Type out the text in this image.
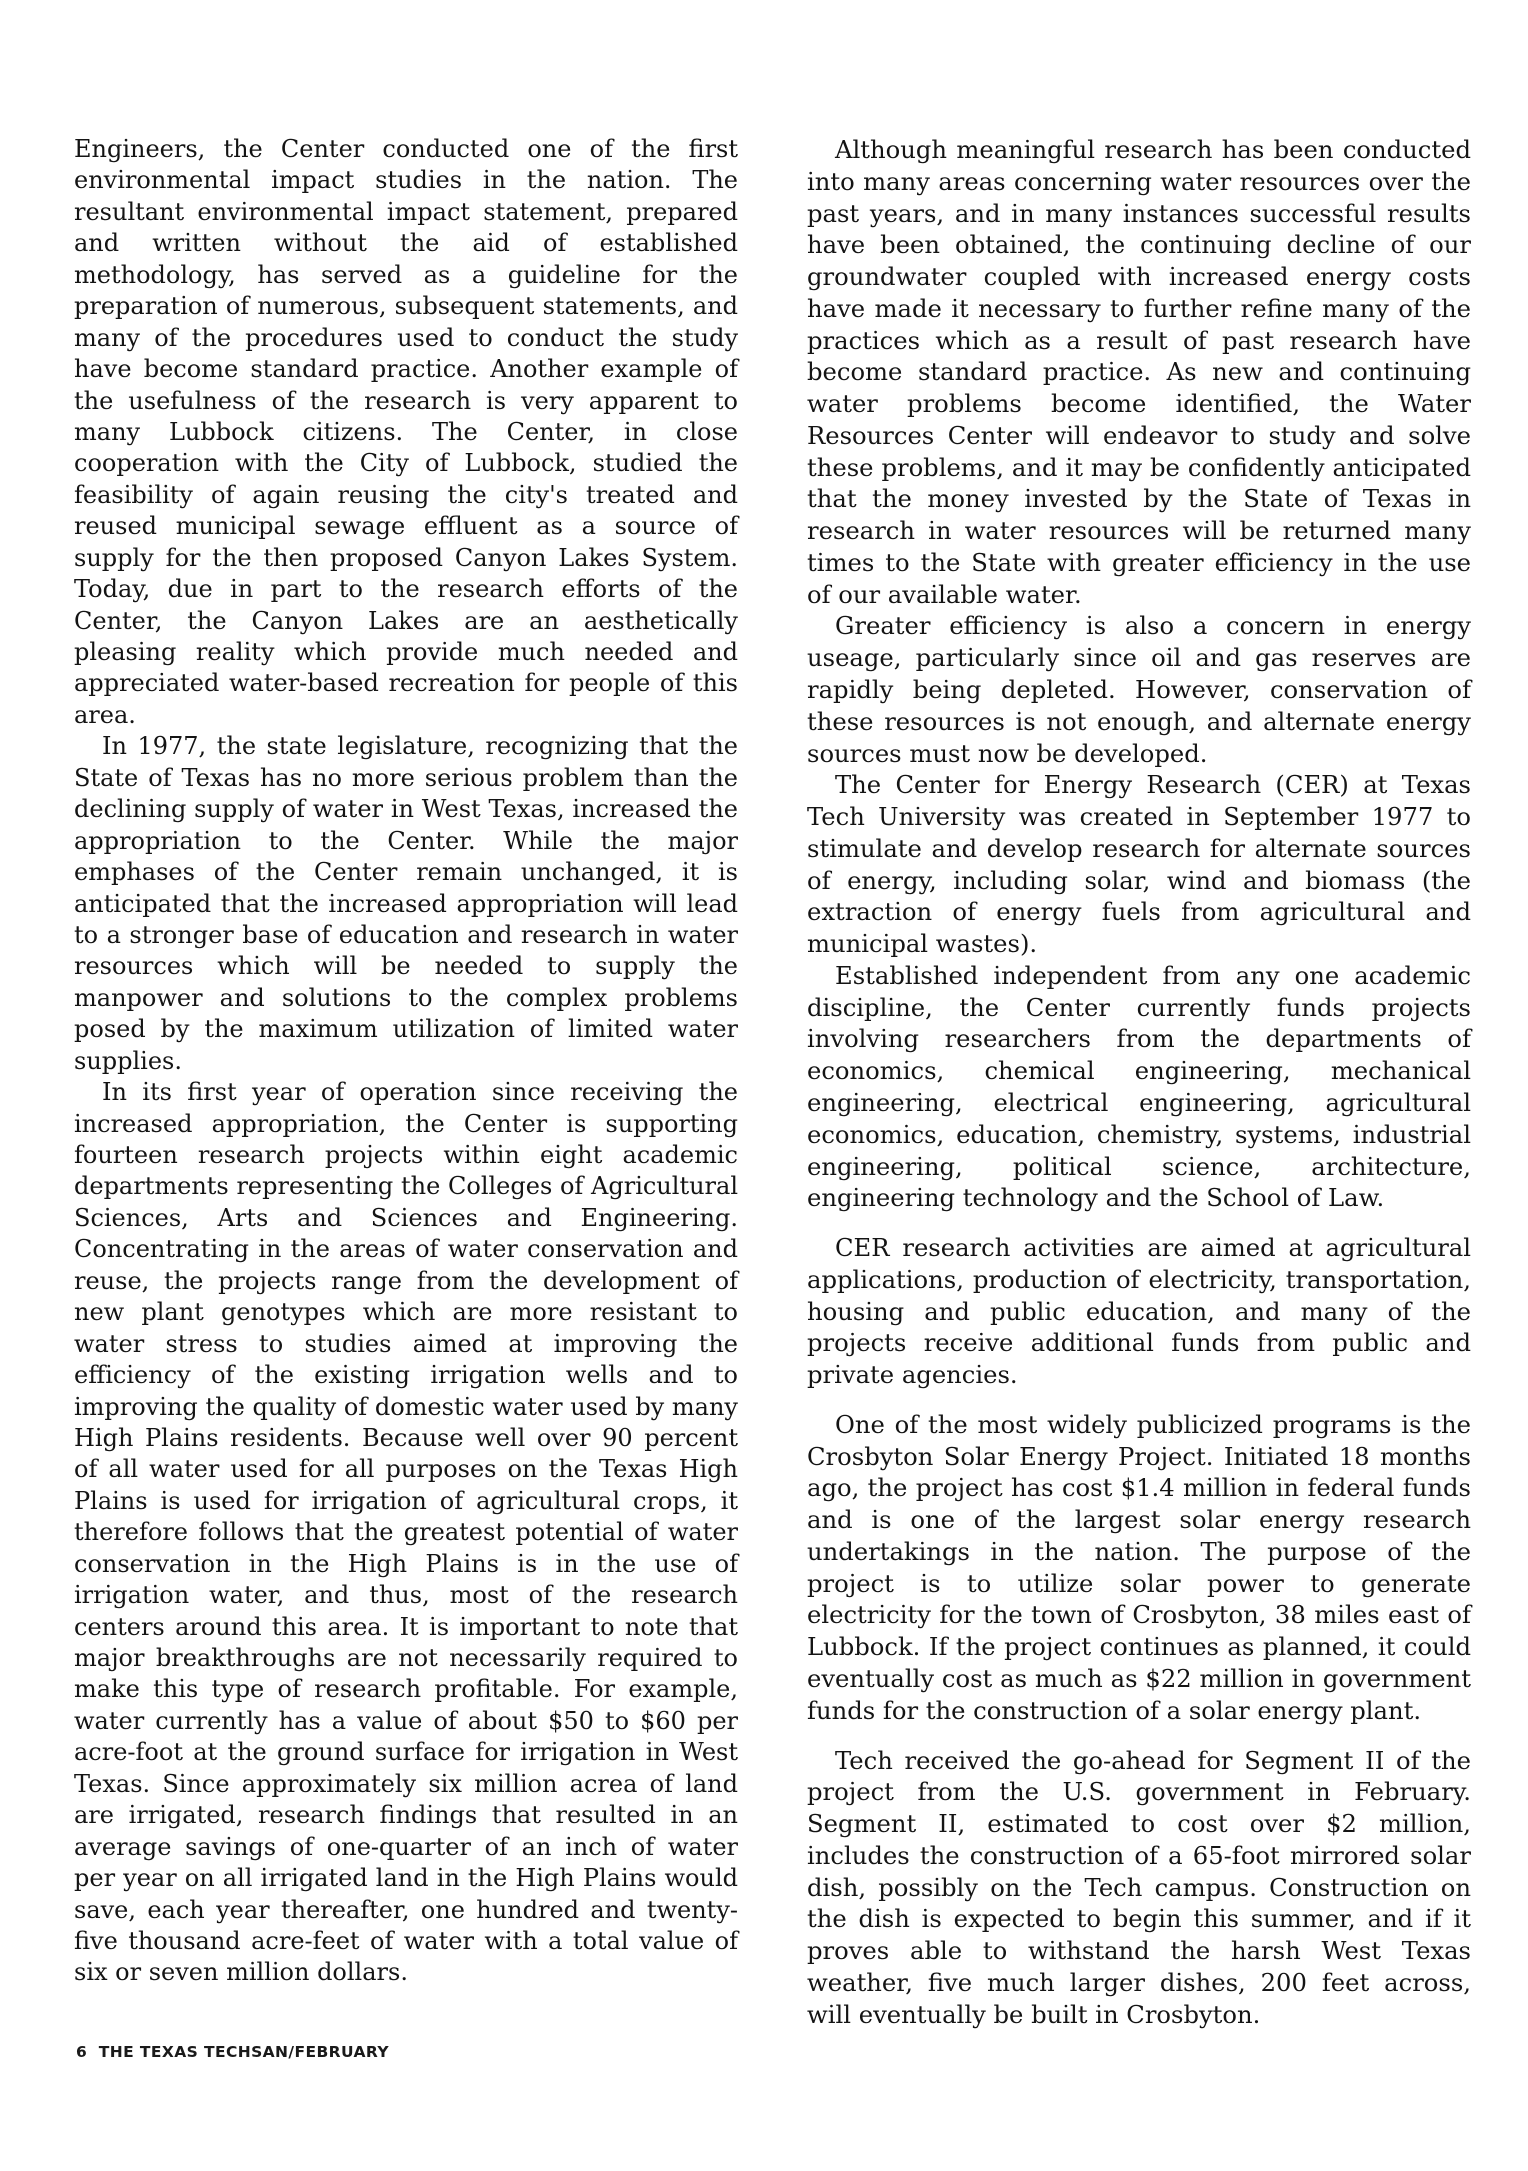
Engineers, the Center conducted one of the first environmental impact studies in the nation. The resultant environmental impact statement, prepared and written without the aid of established methodology, has served as a guideline for the preparation of numerous, subsequent statements, and many of the procedures used to conduct the study have become standard practice. Another example of the usefulness of the research is very apparent to many Lubbock citizens. The Center, in close cooperation with the City of Lubbock, studied the feasibility of again reusing the city's treated and reused municipal sewage effluent as a source of supply for the then proposed Canyon Lakes System. Today, due in part to the research efforts of the Center, the Canyon Lakes are an aesthetically pleasing reality which provide much needed and appreciated water-based recreation for people of this area.

In 1977, the state legislature, recognizing that the State of Texas has no more serious problem than the declining supply of water in West Texas, increased the appropriation to the Center. While the major emphases of the Center remain unchanged, it is anticipated that the increased appropriation will lead to a stronger base of education and research in water resources which will be needed to supply the manpower and solutions to the complex problems posed by the maximum utilization of limited water supplies.

In its first year of operation since receiving the increased appropriation, the Center is supporting fourteen research projects within eight academic departments representing the Colleges of Agricultural Sciences, Arts and Sciences and Engineering. Concentrating in the areas of water conservation and reuse, the projects range from the development of new plant genotypes which are more resistant to water stress to studies aimed at improving the efficiency of the existing irrigation wells and to improving the quality of domestic water used by many High Plains residents. Because well over 90 percent of all water used for all purposes on the Texas High Plains is used for irrigation of agricultural crops, it therefore follows that the greatest potential of water conservation in the High Plains is in the use of irrigation water, and thus, most of the research centers around this area. It is important to note that major breakthroughs are not necessarily required to make this type of research profitable. For example, water currently has a value of about $50 to $60 per acre-foot at the ground surface for irrigation in West Texas. Since approximately six million acrea of land are irrigated, research findings that resulted in an average savings of one-quarter of an inch of water per year on all irrigated land in the High Plains would save, each year thereafter, one hundred and twenty-five thousand acre-feet of water with a total value of six or seven million dollars.

Although meaningful research has been conducted into many areas concerning water resources over the past years, and in many instances successful results have been obtained, the continuing decline of our groundwater coupled with increased energy costs have made it necessary to further refine many of the practices which as a result of past research have become standard practice. As new and continuing water problems become identified, the Water Resources Center will endeavor to study and solve these problems, and it may be confidently anticipated that the money invested by the State of Texas in research in water resources will be returned many times to the State with greater efficiency in the use of our available water.

Greater efficiency is also a concern in energy useage, particularly since oil and gas reserves are rapidly being depleted. However, conservation of these resources is not enough, and alternate energy sources must now be developed.

The Center for Energy Research (CER) at Texas Tech University was created in September 1977 to stimulate and develop research for alternate sources of energy, including solar, wind and biomass (the extraction of energy fuels from agricultural and municipal wastes).

Established independent from any one academic discipline, the Center currently funds projects involving researchers from the departments of economics, chemical engineering, mechanical engineering, electrical engineering, agricultural economics, education, chemistry, systems, industrial engineering, political science, architecture, engineering technology and the School of Law.

CER research activities are aimed at agricultural applications, production of electricity, transportation, housing and public education, and many of the projects receive additional funds from public and private agencies.

One of the most widely publicized programs is the Crosbyton Solar Energy Project. Initiated 18 months ago, the project has cost $1.4 million in federal funds and is one of the largest solar energy research undertakings in the nation. The purpose of the project is to utilize solar power to generate electricity for the town of Crosbyton, 38 miles east of Lubbock. If the project continues as planned, it could eventually cost as much as $22 million in government funds for the construction of a solar energy plant.

Tech received the go-ahead for Segment II of the project from the U.S. government in February. Segment II, estimated to cost over $2 million, includes the construction of a 65-foot mirrored solar dish, possibly on the Tech campus. Construction on the dish is expected to begin this summer, and if it proves able to withstand the harsh West Texas weather, five much larger dishes, 200 feet across, will eventually be built in Crosbyton.

6 THE TEXAS TECHSAN/FEBRUARY
